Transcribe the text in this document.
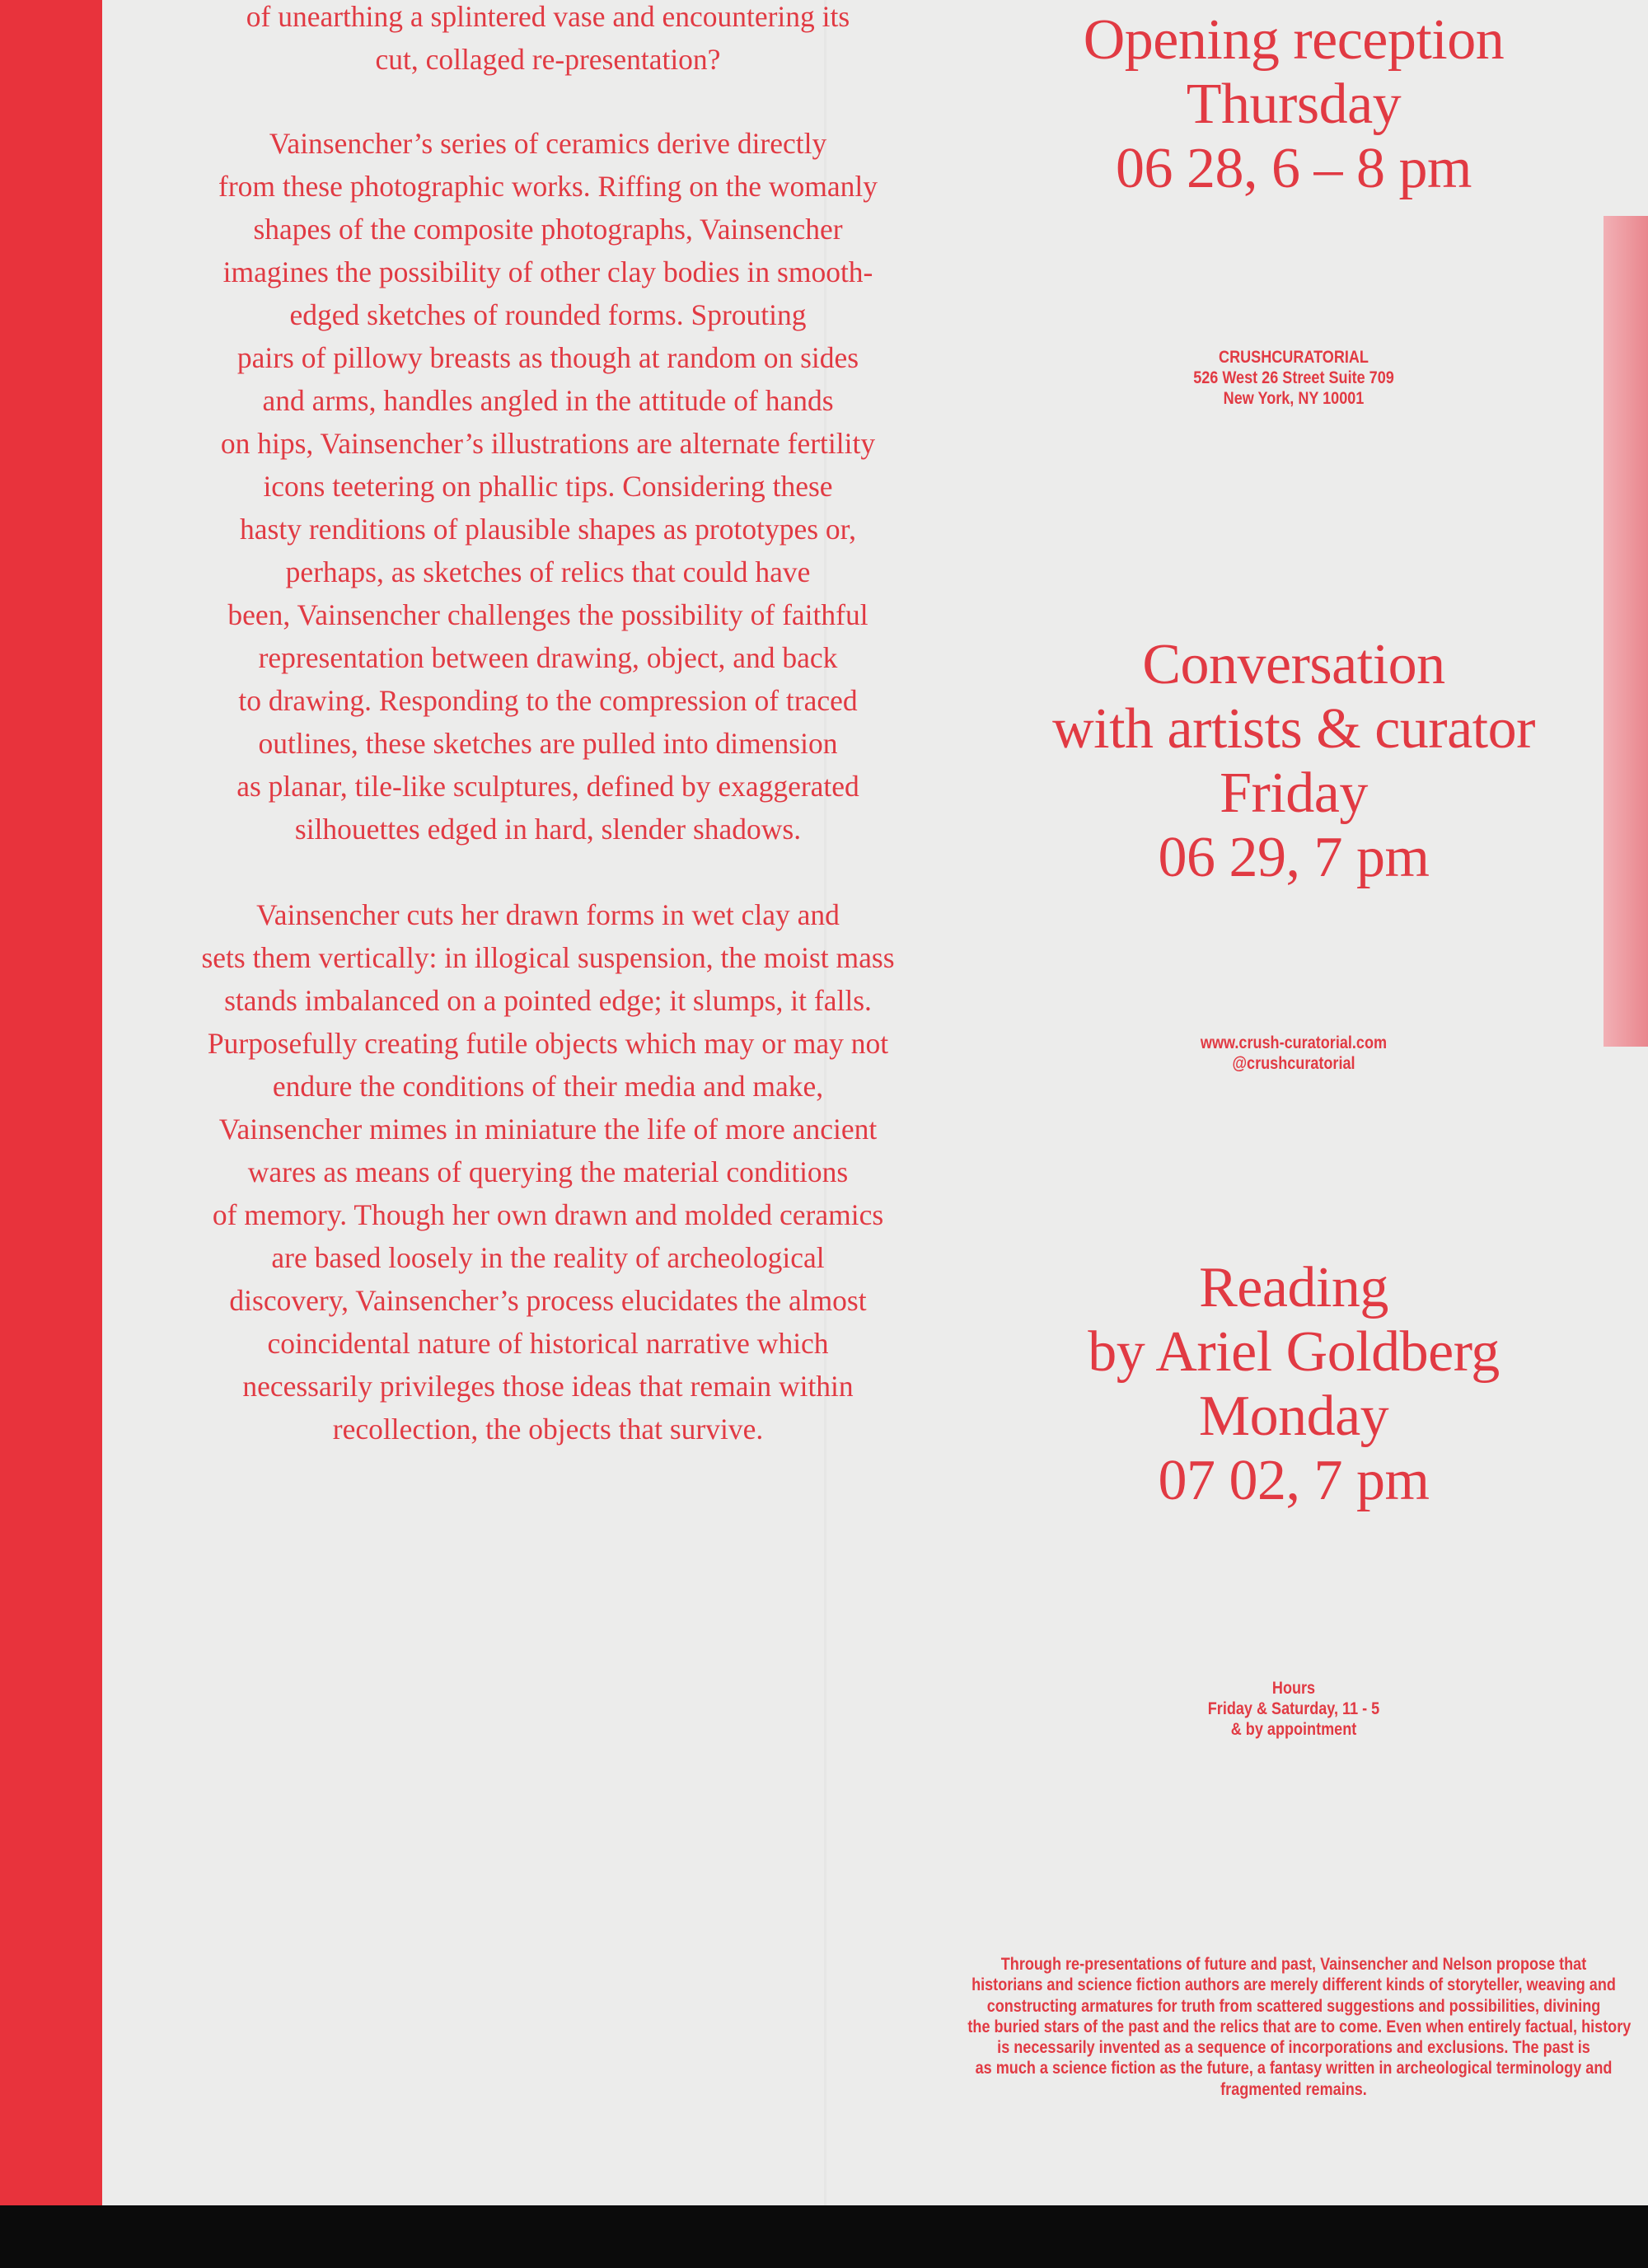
of unearthing a splintered vase and encountering its
cut, collaged re-presentation?
Vainsencher’s series of ceramics derive directly
from these photographic works. Riffing on the womanly
shapes of the composite photographs, Vainsencher
imagines the possibility of other clay bodies in smooth-
edged sketches of rounded forms. Sprouting
pairs of pillowy breasts as though at random on sides
and arms, handles angled in the attitude of hands
on hips, Vainsencher’s illustrations are alternate fertility
icons teetering on phallic tips. Considering these
hasty renditions of plausible shapes as prototypes or,
perhaps, as sketches of relics that could have
been, Vainsencher challenges the possibility of faithful
representation between drawing, object, and back
to drawing. Responding to the compression of traced
outlines, these sketches are pulled into dimension
as planar, tile-like sculptures, defined by exaggerated
silhouettes edged in hard, slender shadows.
Vainsencher cuts her drawn forms in wet clay and
sets them vertically: in illogical suspension, the moist mass
stands imbalanced on a pointed edge; it slumps, it falls.
Purposefully creating futile objects which may or may not
endure the conditions of their media and make,
Vainsencher mimes in miniature the life of more ancient
wares as means of querying the material conditions
of memory. Though her own drawn and molded ceramics
are based loosely in the reality of archeological
discovery, Vainsencher’s process elucidates the almost
coincidental nature of historical narrative which
necessarily privileges those ideas that remain within
recollection, the objects that survive.
Opening reception
Thursday
06 28, 6 – 8 pm
CRUSHCURATORIAL
526 West 26 Street Suite 709
New York, NY 10001
Conversation
with artists & curator
Friday
06 29, 7 pm
www.crush-curatorial.com
@crushcuratorial
Reading
by Ariel Goldberg
Monday
07 02, 7 pm
Hours
Friday & Saturday, 11 - 5
& by appointment
Through re-presentations of future and past, Vainsencher and Nelson propose that
historians and science fiction authors are merely different kinds of storyteller, weaving and
constructing armatures for truth from scattered suggestions and possibilities, divining
the buried stars of the past and the relics that are to come. Even when entirely factual, history
is necessarily invented as a sequence of incorporations and exclusions. The past is
as much a science fiction as the future, a fantasy written in archeological terminology and
fragmented remains.
